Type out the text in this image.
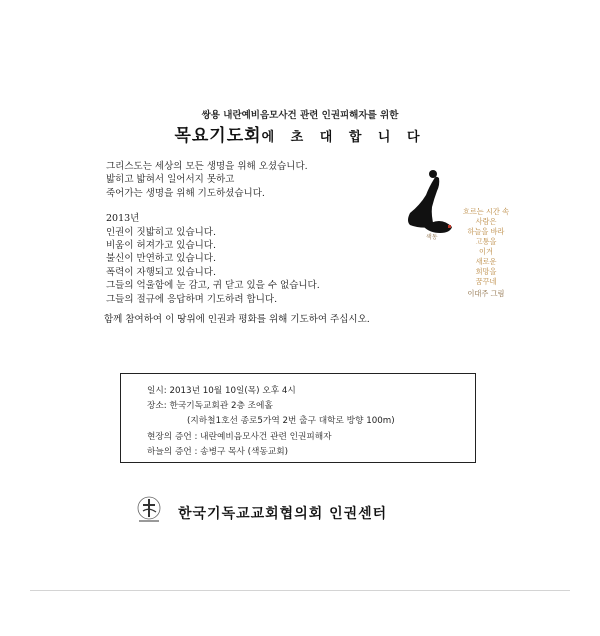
쌍용 내란예비음모사건 관련 인권피해자를 위한
목요기도회에 초 대 합 니 다
그리스도는 세상의 모든 생명을 위해 오셨습니다.
밟히고 밟혀서 일어서지 못하고
죽어가는 생명을 위해 기도하셨습니다.
2013년
인권이 짓밟히고 있습니다.
비움이 허져가고 있습니다.
불신이 만연하고 있습니다.
폭력이 자행되고 있습니다.
그들의 억울함에 눈 감고, 귀 닫고 있을 수 없습니다.
그들의 절규에 응답하며 기도하려 합니다.
함께 참여하여 이 땅위에 인권과 평화를 위해 기도하여 주십시오.
색동
흐르는 시간 속
사람은
하늘을 바라
고통을
이겨
새로운
희망을
꿈꾸네
이대주 그림
일시: 2013년 10월 10일(목) 오후 4시
장소: 한국기독교회관 2층 조에홀
(지하철1호선 종로5가역 2번 출구 대학로 방향 100m)
현장의 증언 : 내란예비음모사건 관련 인권피해자
하늘의 증언 : 송병구 목사 (색동교회)
한국기독교교회협의회 인권센터
